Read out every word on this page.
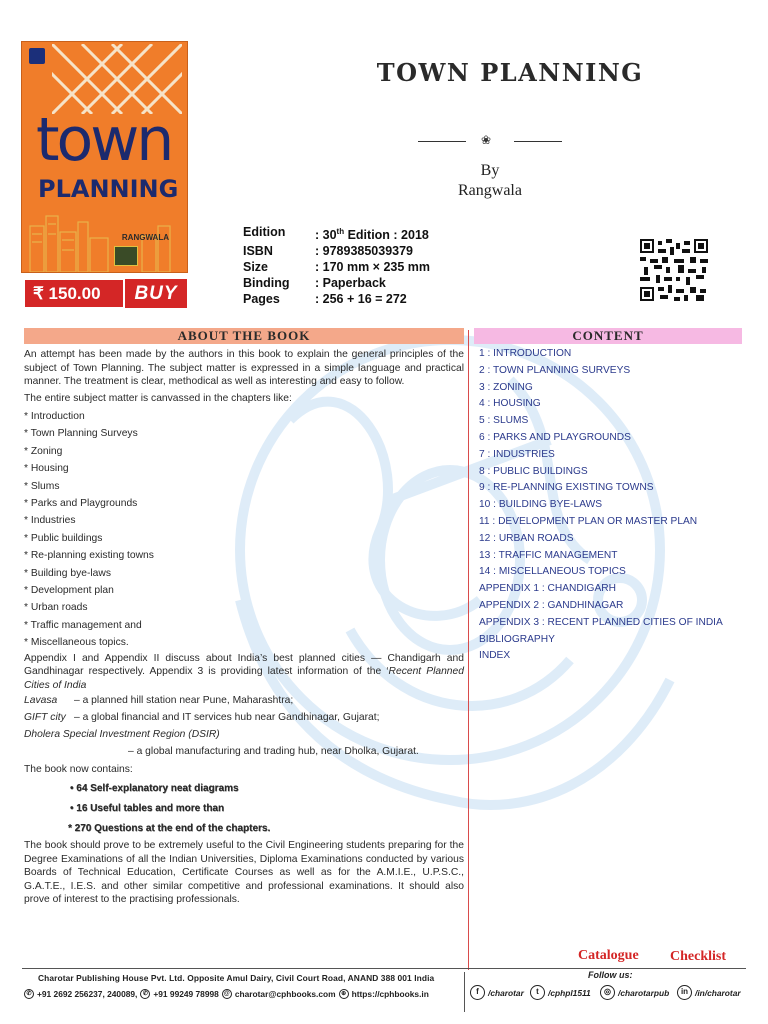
town
PLANNING
RANGWALA
₹ 150.00	BUY
TOWN PLANNING
❀
By
Rangwala
Edition	: 30th Edition : 2018
ISBN	: 9789385039379
Size	: 170 mm × 235 mm
Binding	: Paperback
Pages	: 256 + 16 = 272
ABOUT THE BOOK	CONTENT

An attempt has been made by the authors in this book to explain the general principles of the subject of Town Planning. The subject matter is expressed in a simple language and practical manner. The treatment is clear, methodical as well as interesting and easy to follow.

The entire subject matter is canvassed in the chapters like:

* Introduction
* Town Planning Surveys
* Zoning
* Housing
* Slums
* Parks and Playgrounds
* Industries
* Public buildings
* Re-planning existing towns
* Building bye-laws
* Development plan
* Urban roads
* Traffic management and
* Miscellaneous topics.

Appendix I and Appendix II discuss about India’s best planned cities — Chandigarh and Gandhinagar respectively. Appendix 3 is providing latest information of the ‘Recent Planned Cities of India

Lavasa	– a planned hill station near Pune, Maharashtra;
GIFT city – a global financial and IT services hub near Gandhinagar, Gujarat;
Dholera Special Investment Region (DSIR)
– a global manufacturing and trading hub, near Dholka, Gujarat.
The book now contains:
• 64 Self-explanatory neat diagrams
• 16 Useful tables and more than
* 270 Questions at the end of the chapters.

The book should prove to be extremely useful to the Civil Engineering students preparing for the Degree Examinations of all the Indian Universities, Diploma Examinations conducted by various Boards of Technical Education, Certificate Courses as well as for the A.M.I.E., U.P.S.C., G.A.T.E., I.E.S. and other similar competitive and professional examinations. It should also prove of interest to the practising professionals.

1 : INTRODUCTION
2 : TOWN PLANNING SURVEYS
3 : ZONING
4 : HOUSING
5 : SLUMS
6 : PARKS AND PLAYGROUNDS
7 : INDUSTRIES
8 : PUBLIC BUILDINGS
9 : RE-PLANNING EXISTING TOWNS
10 : BUILDING BYE-LAWS
11 : DEVELOPMENT PLAN OR MASTER PLAN
12 : URBAN ROADS
13 : TRAFFIC MANAGEMENT
14 : MISCELLANEOUS TOPICS
APPENDIX 1 : CHANDIGARH
APPENDIX 2 : GANDHINAGAR
APPENDIX 3 : RECENT PLANNED CITIES OF INDIA
BIBLIOGRAPHY
INDEX
Catalogue Checklist
Charotar Publishing House Pvt. Ltd. Opposite Amul Dairy, Civil Court Road, ANAND 388 001 India
✆ +91 2692 256237, 240089, ✆ +91 99249 78998 @ charotar@cphbooks.com ⊕ https://cphbooks.in
Follow us:
f	/charotar	t	/cphpl1511	◎ /charotarpub	in /in/charotar
